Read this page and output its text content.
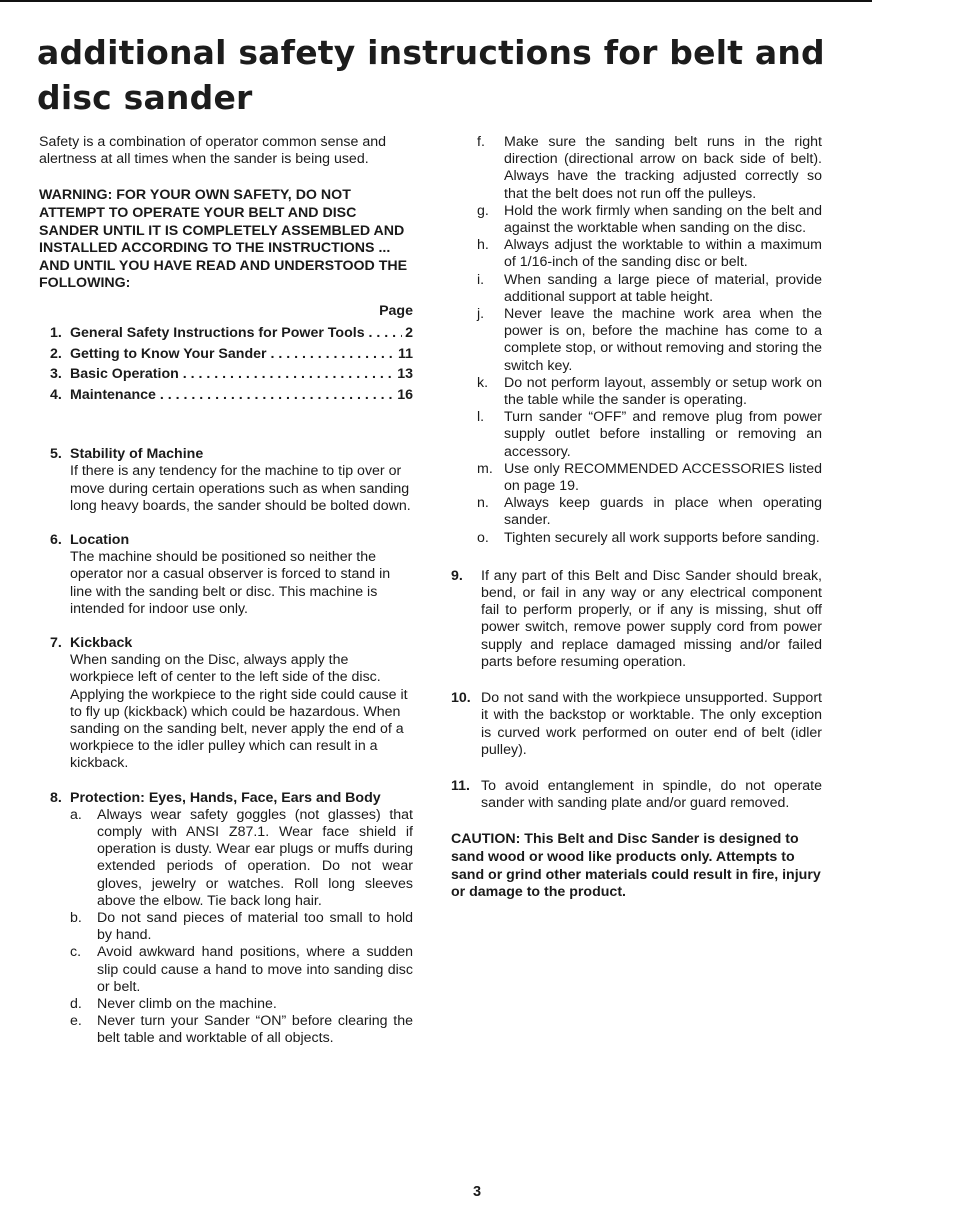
additional safety instructions for belt and disc sander

Safety is a combination of operator common sense and alertness at all times when the sander is being used.

WARNING: FOR YOUR OWN SAFETY, DO NOT ATTEMPT TO OPERATE YOUR BELT AND DISC SANDER UNTIL IT IS COMPLETELY ASSEMBLED AND INSTALLED ACCORDING TO THE INSTRUCTIONS ... AND UNTIL YOU HAVE READ AND UNDERSTOOD THE FOLLOWING:

Page
1. General Safety Instructions for Power Tools . . .	2
2. Getting to Know Your Sander . . .	11
3. Basic Operation . . .	13
4. Maintenance . . .	16
5. Stability of Machine

If there is any tendency for the machine to tip over or move during certain operations such as when sanding long heavy boards, the sander should be bolted down.

6. Location

The machine should be positioned so neither the operator nor a casual observer is forced to stand in line with the sanding belt or disc. This machine is intended for indoor use only.

7. Kickback

When sanding on the Disc, always apply the workpiece left of center to the left side of the disc. Applying the workpiece to the right side could cause it to fly up (kickback) which could be hazardous. When sanding on the sanding belt, never apply the end of a workpiece to the idler pulley which can result in a kickback.

8. Protection: Eyes, Hands, Face, Ears and Body
a.	Always wear safety goggles (not glasses) that comply with ANSI Z87.1. Wear face shield if operation is dusty. Wear ear plugs or muffs during extended periods of operation. Do not wear gloves, jewelry or watches. Roll long sleeves above the elbow. Tie back long hair.
b.	Do not sand pieces of material too small to hold by hand.
c.	Avoid awkward hand positions, where a sudden slip could cause a hand to move into sanding disc or belt.
d.	Never climb on the machine.
e.	Never turn your Sander “ON” before clearing the belt table and worktable of all objects.
f.	Make sure the sanding belt runs in the right direction (directional arrow on back side of belt). Always have the tracking adjusted correctly so that the belt does not run off the pulleys.
g.	Hold the work firmly when sanding on the belt and against the worktable when sanding on the disc.
h.	Always adjust the worktable to within a maximum of 1/16-inch of the sanding disc or belt.
i.	When sanding a large piece of material, provide additional support at table height.
j.	Never leave the machine work area when the power is on, before the machine has come to a complete stop, or without removing and storing the switch key.
k.	Do not perform layout, assembly or setup work on the table while the sander is operating.
l.	Turn sander “OFF” and remove plug from power supply outlet before installing or removing an accessory.
m. Use only RECOMMENDED ACCESSORIES listed on page 19.
n.	Always keep guards in place when operating sander.
o.	Tighten securely all work supports before sanding.
9.	If any part of this Belt and Disc Sander should break, bend, or fail in any way or any electrical component fail to perform properly, or if any is missing, shut off power switch, remove power supply cord from power supply and replace damaged missing and/or failed parts before resuming operation.
10. Do not sand with the workpiece unsupported. Support it with the backstop or worktable. The only exception is curved work performed on outer end of belt (idler pulley).
11. To avoid entanglement in spindle, do not operate sander with sanding plate and/or guard removed.

CAUTION: This Belt and Disc Sander is designed to sand wood or wood like products only. Attempts to sand or grind other materials could result in fire, injury or damage to the product.

3
